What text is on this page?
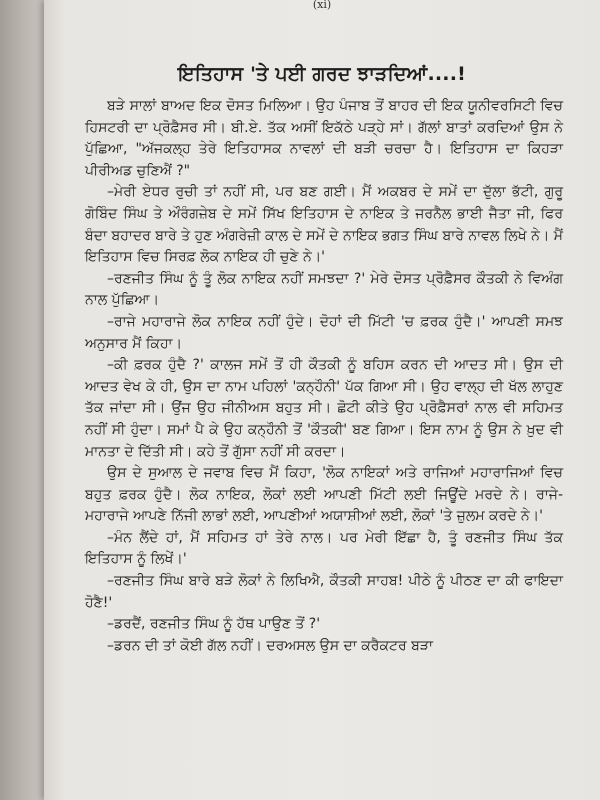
(xi)
ਇਤਿਹਾਸ 'ਤੇ ਪਈ ਗਰਦ ਝਾੜਦਿਆਂ....!

ਬੜੇ ਸਾਲਾਂ ਬਾਅਦ ਇਕ ਦੋਸਤ ਮਿਲਿਆ। ਉਹ ਪੰਜਾਬ ਤੋਂ ਬਾਹਰ ਦੀ ਇਕ ਯੂਨੀਵਰਸਿਟੀ ਵਿਚ ਹਿਸਟਰੀ ਦਾ ਪ੍ਰੋਫ਼ੈਸਰ ਸੀ। ਬੀ.ਏ. ਤੱਕ ਅਸੀਂ ਇਕੱਠੇ ਪੜ੍ਹੇ ਸਾਂ। ਗੱਲਾਂ ਬਾਤਾਂ ਕਰਦਿਆਂ ਉਸ ਨੇ ਪੁੱਛਿਆ, "ਅੱਜਕਲ੍ਹ ਤੇਰੇ ਇਤਿਹਾਸਕ ਨਾਵਲਾਂ ਦੀ ਬੜੀ ਚਰਚਾ ਹੈ। ਇਤਿਹਾਸ ਦਾ ਕਿਹੜਾ ਪੀਰੀਅਡ ਚੁਣਿਐਂ ?"

–ਮੇਰੀ ਏਧਰ ਰੁਚੀ ਤਾਂ ਨਹੀਂ ਸੀ, ਪਰ ਬਣ ਗਈ। ਮੈਂ ਅਕਬਰ ਦੇ ਸਮੇਂ ਦਾ ਦੁੱਲਾ ਭੱਟੀ, ਗੁਰੂ ਗੋਬਿੰਦ ਸਿੰਘ ਤੇ ਔਰੰਗਜ਼ੇਬ ਦੇ ਸਮੇਂ ਸਿੱਖ ਇਤਿਹਾਸ ਦੇ ਨਾਇਕ ਤੇ ਜਰਨੈਲ ਭਾਈ ਜੈਤਾ ਜੀ, ਫਿਰ ਬੰਦਾ ਬਹਾਦਰ ਬਾਰੇ ਤੇ ਹੁਣ ਅੰਗਰੇਜ਼ੀ ਕਾਲ ਦੇ ਸਮੇਂ ਦੇ ਨਾਇਕ ਭਗਤ ਸਿੰਘ ਬਾਰੇ ਨਾਵਲ ਲਿਖੇ ਨੇ। ਮੈਂ ਇਤਿਹਾਸ ਵਿਚ ਸਿਰਫ਼ ਲੋਕ ਨਾਇਕ ਹੀ ਚੁਣੇ ਨੇ।'

–ਰਣਜੀਤ ਸਿੰਘ ਨੂੰ ਤੂੰ ਲੋਕ ਨਾਇਕ ਨਹੀਂ ਸਮਝਦਾ ?' ਮੇਰੇ ਦੋਸਤ ਪ੍ਰੋਫ਼ੈਸਰ ਕੌਤਕੀ ਨੇ ਵਿਅੰਗ ਨਾਲ ਪੁੱਛਿਆ।

–ਰਾਜੇ ਮਹਾਰਾਜੇ ਲੋਕ ਨਾਇਕ ਨਹੀਂ ਹੁੰਦੇ। ਦੋਹਾਂ ਦੀ ਮਿੱਟੀ 'ਚ ਫ਼ਰਕ ਹੁੰਦੈ।' ਆਪਣੀ ਸਮਝ ਅਨੁਸਾਰ ਮੈਂ ਕਿਹਾ।

–ਕੀ ਫ਼ਰਕ ਹੁੰਦੈ ?' ਕਾਲਜ ਸਮੇਂ ਤੋਂ ਹੀ ਕੌਤਕੀ ਨੂੰ ਬਹਿਸ ਕਰਨ ਦੀ ਆਦਤ ਸੀ। ਉਸ ਦੀ ਆਦਤ ਵੇਖ ਕੇ ਹੀ, ਉਸ ਦਾ ਨਾਮ ਪਹਿਲਾਂ 'ਕਨ੍ਹੌਨੀ' ਪੱਕ ਗਿਆ ਸੀ। ਉਹ ਵਾਲ੍ਹ ਦੀ ਖੱਲ ਲਾਹੁਣ ਤੱਕ ਜਾਂਦਾ ਸੀ। ਉਂਜ ਉਹ ਜੀਨੀਅਸ ਬਹੁਤ ਸੀ। ਛੋਟੀ ਕੀਤੇ ਉਹ ਪ੍ਰੋਫ਼ੈਸਰਾਂ ਨਾਲ ਵੀ ਸਹਿਮਤ ਨਹੀਂ ਸੀ ਹੁੰਦਾ। ਸਮਾਂ ਪੈ ਕੇ ਉਹ ਕਨ੍ਹੌਨੀ ਤੋਂ 'ਕੌਤਕੀ' ਬਣ ਗਿਆ। ਇਸ ਨਾਮ ਨੂੰ ਉਸ ਨੇ ਖ਼ੁਦ ਵੀ ਮਾਨਤਾ ਦੇ ਦਿੱਤੀ ਸੀ। ਕਹੇ ਤੋਂ ਗੁੱਸਾ ਨਹੀਂ ਸੀ ਕਰਦਾ।

ਉਸ ਦੇ ਸੁਆਲ ਦੇ ਜਵਾਬ ਵਿਚ ਮੈਂ ਕਿਹਾ, 'ਲੋਕ ਨਾਇਕਾਂ ਅਤੇ ਰਾਜਿਆਂ ਮਹਾਰਾਜਿਆਂ ਵਿਚ ਬਹੁਤ ਫ਼ਰਕ ਹੁੰਦੈ। ਲੋਕ ਨਾਇਕ, ਲੋਕਾਂ ਲਈ ਆਪਣੀ ਮਿੱਟੀ ਲਈ ਜਿਊਂਦੇ ਮਰਦੇ ਨੇ। ਰਾਜੇ-ਮਹਾਰਾਜੇ ਆਪਣੇ ਨਿੱਜੀ ਲਾਭਾਂ ਲਈ, ਆਪਣੀਆਂ ਅਯਾਸ਼ੀਆਂ ਲਈ, ਲੋਕਾਂ 'ਤੇ ਜ਼ੁਲਮ ਕਰਦੇ ਨੇ।'

–ਮੰਨ ਲੈਂਦੇ ਹਾਂ, ਮੈਂ ਸਹਿਮਤ ਹਾਂ ਤੇਰੇ ਨਾਲ। ਪਰ ਮੇਰੀ ਇੱਛਾ ਹੈ, ਤੂੰ ਰਣਜੀਤ ਸਿੰਘ ਤੱਕ ਇਤਿਹਾਸ ਨੂੰ ਲਿਖੇਂ।'

–ਰਣਜੀਤ ਸਿੰਘ ਬਾਰੇ ਬੜੇ ਲੋਕਾਂ ਨੇ ਲਿਖਿਐ, ਕੌਤਕੀ ਸਾਹਬ! ਪੀਠੇ ਨੂੰ ਪੀਠਣ ਦਾ ਕੀ ਫਾਇਦਾ ਹੋਣੈ!'

–ਡਰਦੈਂ, ਰਣਜੀਤ ਸਿੰਘ ਨੂੰ ਹੱਥ ਪਾਉਣ ਤੋਂ ?'

–ਡਰਨ ਦੀ ਤਾਂ ਕੋਈ ਗੱਲ ਨਹੀਂ। ਦਰਅਸਲ ਉਸ ਦਾ ਕਰੈਕਟਰ ਬੜਾ
